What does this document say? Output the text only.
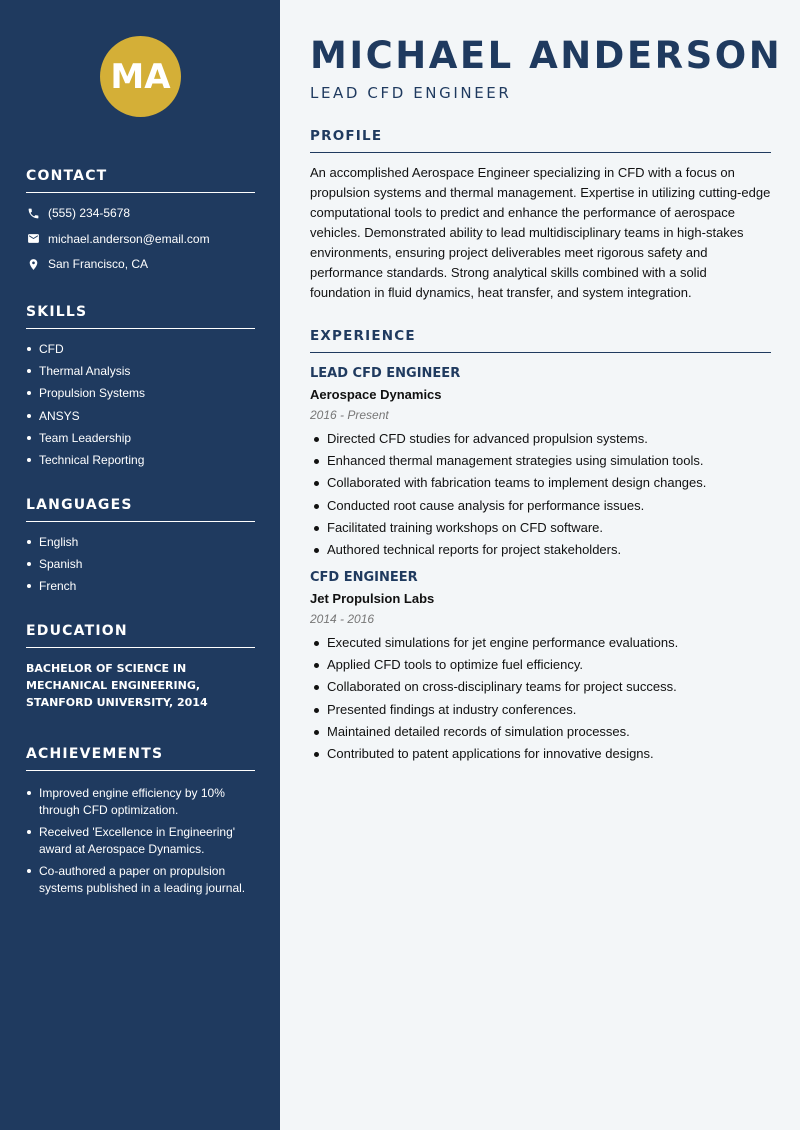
MA
CONTACT
(555) 234-5678
michael.anderson@email.com
San Francisco, CA
SKILLS
CFD
Thermal Analysis
Propulsion Systems
ANSYS
Team Leadership
Technical Reporting
LANGUAGES
English
Spanish
French
EDUCATION
BACHELOR OF SCIENCE IN MECHANICAL ENGINEERING, STANFORD UNIVERSITY, 2014
ACHIEVEMENTS
Improved engine efficiency by 10% through CFD optimization.
Received 'Excellence in Engineering' award at Aerospace Dynamics.
Co-authored a paper on propulsion systems published in a leading journal.
MICHAEL ANDERSON
LEAD CFD ENGINEER
PROFILE

An accomplished Aerospace Engineer specializing in CFD with a focus on propulsion systems and thermal management. Expertise in utilizing cutting-edge computational tools to predict and enhance the performance of aerospace vehicles. Demonstrated ability to lead multidisciplinary teams in high-stakes environments, ensuring project deliverables meet rigorous safety and performance standards. Strong analytical skills combined with a solid foundation in fluid dynamics, heat transfer, and system integration.

EXPERIENCE
LEAD CFD ENGINEER
Aerospace Dynamics
2016 - Present
Directed CFD studies for advanced propulsion systems.
Enhanced thermal management strategies using simulation tools.
Collaborated with fabrication teams to implement design changes.
Conducted root cause analysis for performance issues.
Facilitated training workshops on CFD software.
Authored technical reports for project stakeholders.
CFD ENGINEER
Jet Propulsion Labs
2014 - 2016
Executed simulations for jet engine performance evaluations.
Applied CFD tools to optimize fuel efficiency.
Collaborated on cross-disciplinary teams for project success.
Presented findings at industry conferences.
Maintained detailed records of simulation processes.
Contributed to patent applications for innovative designs.
